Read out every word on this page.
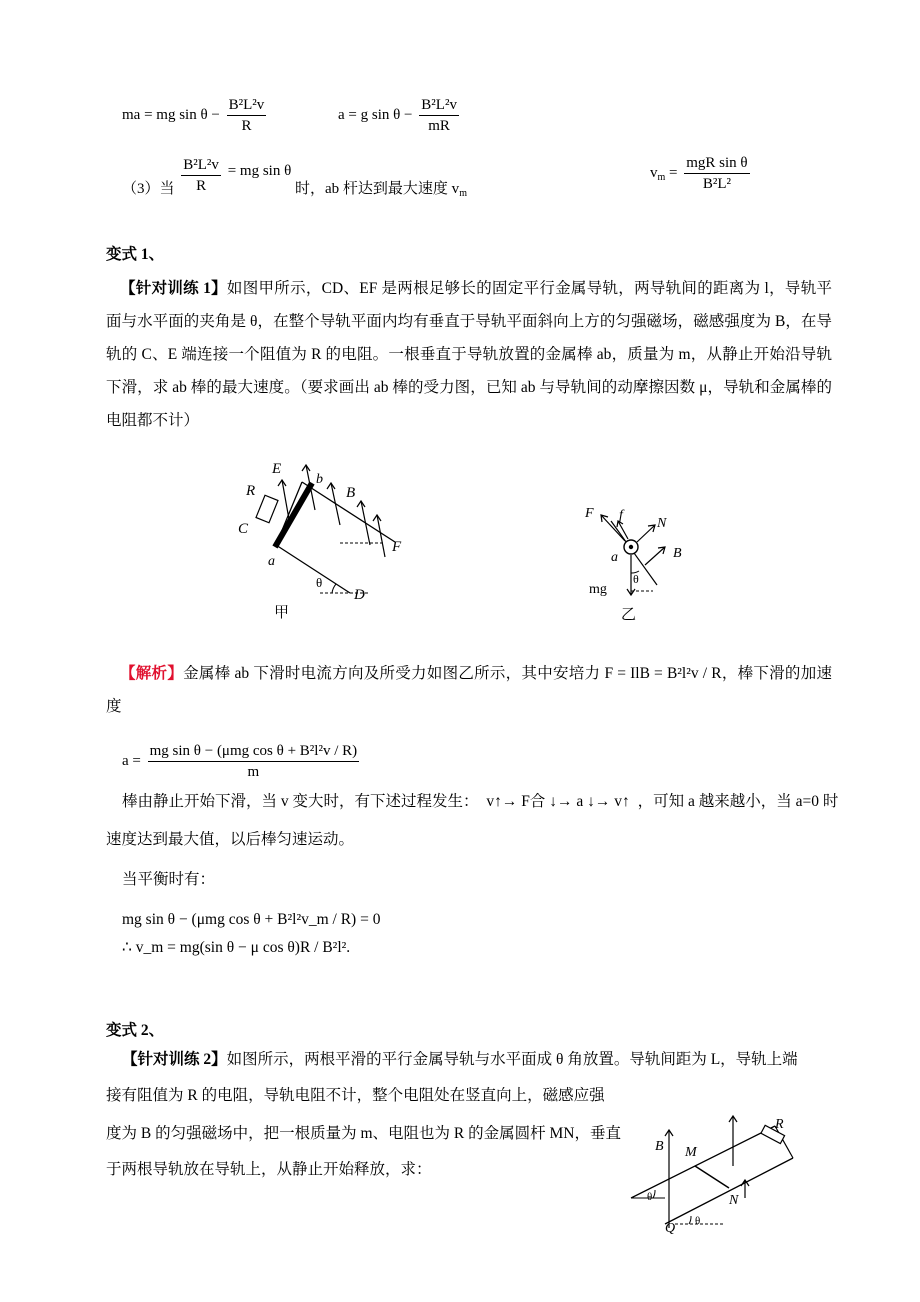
ma = mg $\sin \theta - \frac{\text{B²L²v}}{R}$	a = g $\sin \theta - \frac{\text{B²L²v}}{mR}$
（3）当 $\frac{\text{B²L²v}}{R}$ = mg sin θ 时，ab 杆达到最大速度 $v_m$
$v_m = \frac{\text{mgR sin θ}}{\text{B²L²}}$
变式 1、
【针对训练 1】如图甲所示，CD、EF 是两根足够长的固定平行金属导轨，两导轨间的距离为 l，导轨平面与水平面的夹角是 θ，在整个导轨平面内均有垂直于导轨平面斜向上方的匀强磁场，磁感强度为 B，在导轨的 C、E 端连接一个阻值为 R 的电阻。一根垂直于导轨放置的金属棒 ab，质量为 m，从静止开始沿导轨下滑，求 ab 棒的最大速度。（要求画出 ab 棒的受力图，已知 ab 与导轨间的动摩擦因数 μ，导轨和金属棒的电阻都不计）
E
b
R	B
C
F
a
θ
D
甲
F f
N
a	B
mg
θ
乙
【解析】金属棒 ab 下滑时电流方向及所受力如图乙所示，其中安培力 F = IlB = B²l²v / R，棒下滑的加速度
$a = \frac{\text{mg sin θ − (μmg cos θ + B²l²v / R)}}{m}$
棒由静止开始下滑，当 v 变大时，有下述过程发生： v↑→ F合 ↓→ a ↓→ v↑ ，可知 a 越来越小，当 a=0 时
速度达到最大值，以后棒匀速运动。
当平衡时有：
mg sin θ − (μmg cos θ + B²l²v_m / R) = 0
∴ v_m = mg(sin θ − μ cos θ)R / B²l².
变式 2、
【针对训练 2】如图所示，两根平滑的平行金属导轨与水平面成 θ 角放置。导轨间距为 L，导轨上端
接有阻值为 R 的电阻，导轨电阻不计，整个电阻处在竖直向上，磁感应强
度为 B 的匀强磁场中，把一根质量为 m、电阻也为 R 的金属圆杆 MN，垂直
于两根导轨放在导轨上，从静止开始释放，求：
R
B M
N
Q
θ
θ
